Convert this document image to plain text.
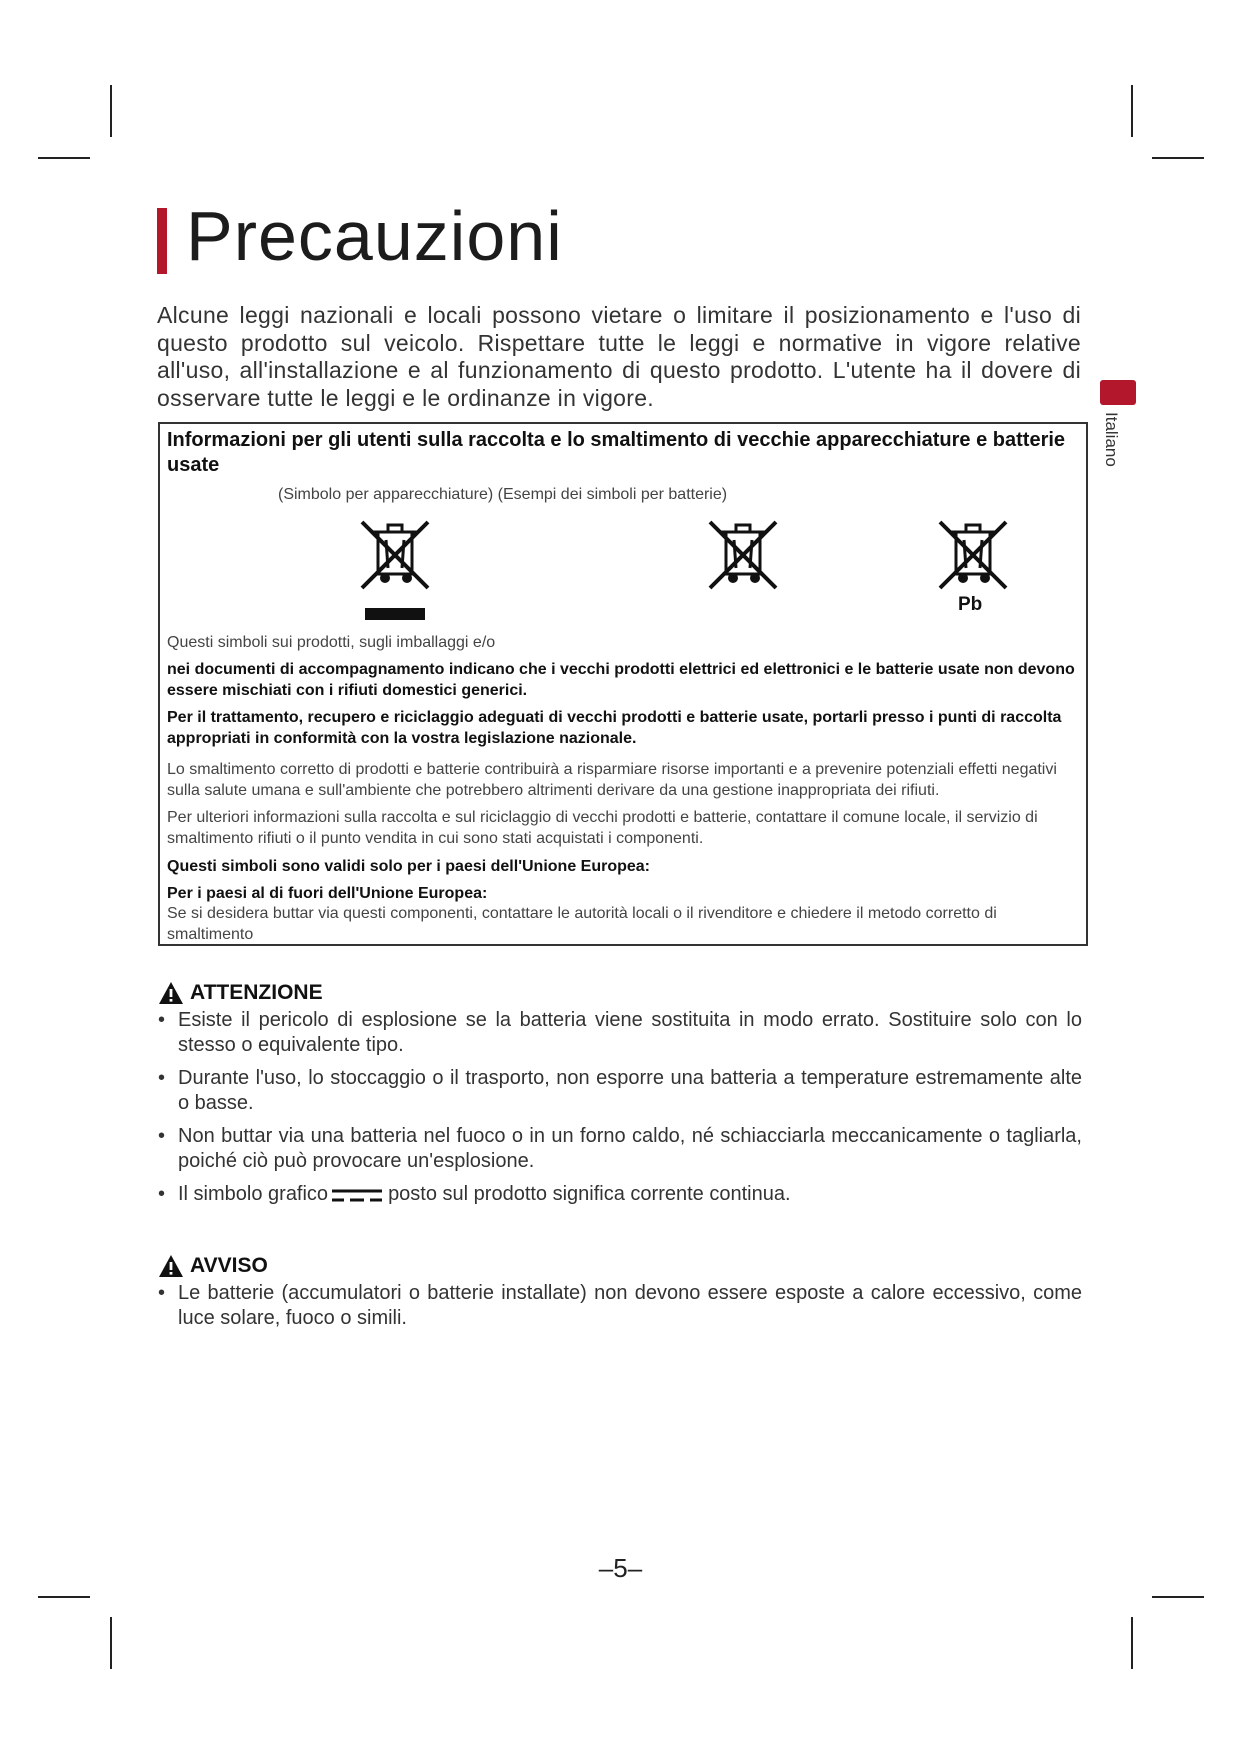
Precauzioni
Alcune leggi nazionali e locali possono vietare o limitare il posizionamento e l'uso di questo prodotto sul veicolo. Rispettare tutte le leggi e normative in vigore relative all'uso, all'installazione e al funzionamento di questo prodotto. L'utente ha il dovere di osservare tutte le leggi e le ordinanze in vigore.
Italiano
Informazioni per gli utenti sulla raccolta e lo smaltimento di vecchie apparecchiature e batterie usate
(Simbolo per apparecchiature) (Esempi dei simboli per batterie)
Pb
Questi simboli sui prodotti, sugli imballaggi e/o
nei documenti di accompagnamento indicano che i vecchi prodotti elettrici ed elettronici e le batterie usate non devono essere mischiati con i rifiuti domestici generici.
Per il trattamento, recupero e riciclaggio adeguati di vecchi prodotti e batterie usate, portarli presso i punti di raccolta appropriati in conformità con la vostra legislazione nazionale.
Lo smaltimento corretto di prodotti e batterie contribuirà a risparmiare risorse importanti e a prevenire potenziali effetti negativi sulla salute umana e sull'ambiente che potrebbero altrimenti derivare da una gestione inappropriata dei rifiuti.
Per ulteriori informazioni sulla raccolta e sul riciclaggio di vecchi prodotti e batterie, contattare il comune locale, il servizio di smaltimento rifiuti o il punto vendita in cui sono stati acquistati i componenti.
Questi simboli sono validi solo per i paesi dell'Unione Europea:
Per i paesi al di fuori dell'Unione Europea:
Se si desidera buttar via questi componenti, contattare le autorità locali o il rivenditore e chiedere il metodo corretto di smaltimento
ATTENZIONE
• Esiste il pericolo di esplosione se la batteria viene sostituita in modo errato. Sostituire solo con lo stesso o equivalente tipo.
• Durante l'uso, lo stoccaggio o il trasporto, non esporre una batteria a temperature estremamente alte o basse.
• Non buttar via una batteria nel fuoco o in un forno caldo, né schiacciarla meccanicamente o tagliarla, poiché ciò può provocare un'esplosione.
• Il simbolo grafico	posto sul prodotto significa corrente continua.
AVVISO
• Le batterie (accumulatori o batterie installate) non devono essere esposte a calore eccessivo, come luce solare, fuoco o simili.
–5–
